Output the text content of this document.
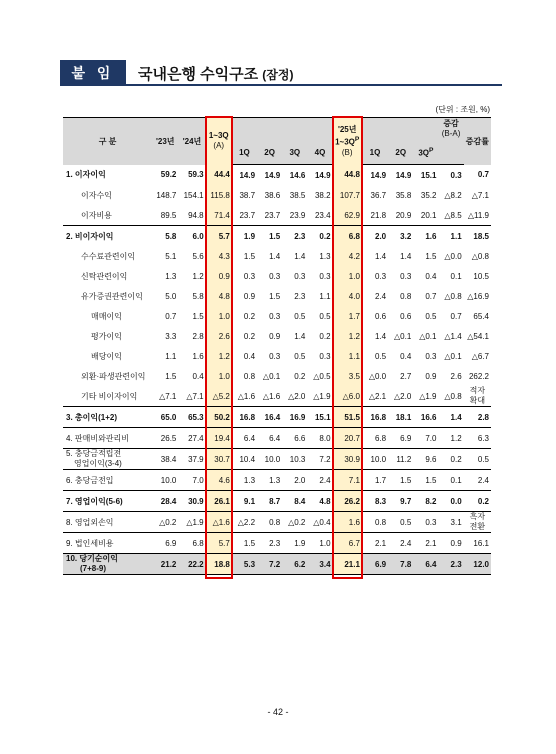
붙 임	국내은행 수익구조 (잠정)
(단위 : 조원, %)
구 분	'23년	'24년	1~3Q
(A)					'25년
$1\sim 3Q^P$
(B)				증감
(B-A)	증감률
				1Q	2Q	3Q	4Q		1Q	2Q	$3Q^P$	
1. 이자이익	59.2	59.3	44.4	14.9	14.9	14.6	14.9	44.8	14.9	14.9	15.1	0.3	0.7
이자수익	148.7	154.1	115.8	38.7	38.6	38.5	38.2	107.7	36.7	35.8	35.2	△8.2	△7.1
이자비용	89.5	94.8	71.4	23.7	23.7	23.9	23.4	62.9	21.8	20.9	20.1	△8.5	△11.9
2. 비이자이익	5.8	6.0	5.7	1.9	1.5	2.3	0.2	6.8	2.0	3.2	1.6	1.1	18.5
수수료관련이익	5.1	5.6	4.3	1.5	1.4	1.4	1.3	4.2	1.4	1.4	1.5	△0.0	△0.8
신탁관련이익	1.3	1.2	0.9	0.3	0.3	0.3	0.3	1.0	0.3	0.3	0.4	0.1	10.5
유가증권관련이익	5.0	5.8	4.8	0.9	1.5	2.3	1.1	4.0	2.4	0.8	0.7	△0.8	△16.9
매매이익	0.7	1.5	1.0	0.2	0.3	0.5	0.5	1.7	0.6	0.6	0.5	0.7	65.4
평가이익	3.3	2.8	2.6	0.2	0.9	1.4	0.2	1.2	1.4	△0.1	△0.1	△1.4	△54.1
배당이익	1.1	1.6	1.2	0.4	0.3	0.5	0.3	1.1	0.5	0.4	0.3	△0.1	△6.7
외환·파생관련이익	1.5	0.4	1.0	0.8	△0.1	0.2	△0.5	3.5	△0.0	2.7	0.9	2.6	262.2
기타 비이자이익	△7.1	△7.1	△5.2	△1.6	△1.6	△2.0	△1.9	△6.0	△2.1	△2.0	△1.9	△0.8	적자
확대
3. 총이익(1+2)	65.0	65.3	50.2	16.8	16.4	16.9	15.1	51.5	16.8	18.1	16.6	1.4	2.8
4. 판매비와관리비	26.5	27.4	19.4	6.4	6.4	6.6	8.0	20.7	6.8	6.9	7.0	1.2	6.3
5. 충당금적립전
영업이익(3-4)	38.4	37.9	30.7	10.4	10.0	10.3	7.2	30.9	10.0	11.2	9.6	0.2	0.5
6. 충당금전입	10.0	7.0	4.6	1.3	1.3	2.0	2.4	7.1	1.7	1.5	1.5	0.1	2.4
7. 영업이익(5-6)	28.4	30.9	26.1	9.1	8.7	8.4	4.8	26.2	8.3	9.7	8.2	0.0	0.2
8. 영업외손익	△0.2	△1.9	△1.6	△2.2	0.8	△0.2	△0.4	1.6	0.8	0.5	0.3	3.1	흑자
전환
9. 법인세비용	6.9	6.8	5.7	1.5	2.3	1.9	1.0	6.7	2.1	2.4	2.1	0.9	16.1
10. 당기순이익
(7+8-9)	21.2	22.2	18.8	5.3	7.2	6.2	3.4	21.1	6.9	7.8	6.4	2.3	12.0
- 42 -
